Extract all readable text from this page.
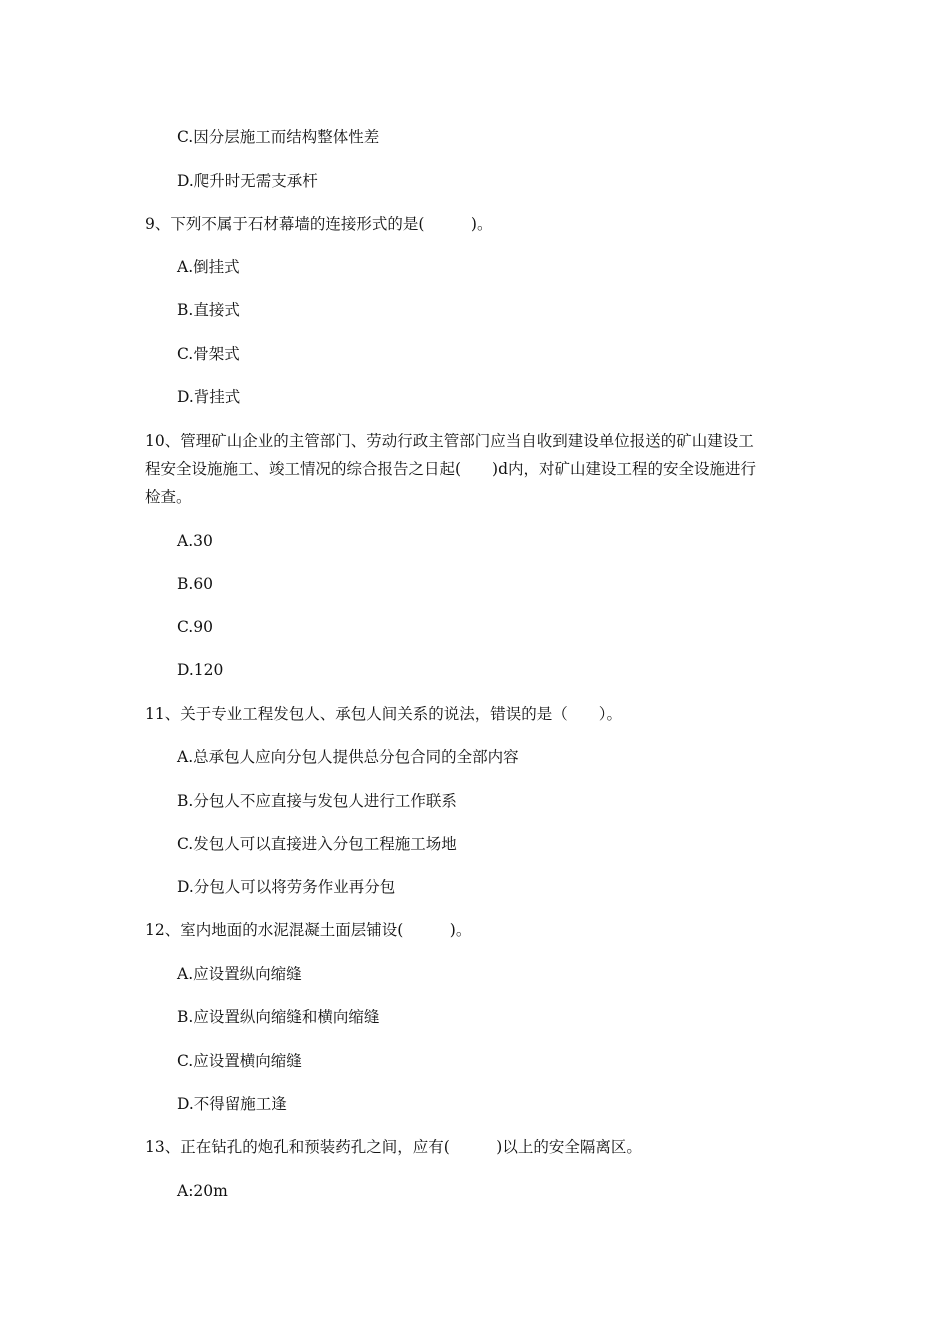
C.因分层施工而结构整体性差
D.爬升时无需支承杆
9、下列不属于石材幕墙的连接形式的是(　　　)。
A.倒挂式
B.直接式
C.骨架式
D.背挂式
10、管理矿山企业的主管部门、劳动行政主管部门应当自收到建设单位报送的矿山建设工
程安全设施施工、竣工情况的综合报告之日起(　　)d内，对矿山建设工程的安全设施进行
检查。
A.30
B.60
C.90
D.120
11、关于专业工程发包人、承包人间关系的说法，错误的是（　　）。
A.总承包人应向分包人提供总分包合同的全部内容
B.分包人不应直接与发包人进行工作联系
C.发包人可以直接进入分包工程施工场地
D.分包人可以将劳务作业再分包
12、室内地面的水泥混凝土面层铺设(　　　)。
A.应设置纵向缩缝
B.应设置纵向缩缝和横向缩缝
C.应设置横向缩缝
D.不得留施工逢
13、正在钻孔的炮孔和预装药孔之间，应有(　　　)以上的安全隔离区。
A:20m
